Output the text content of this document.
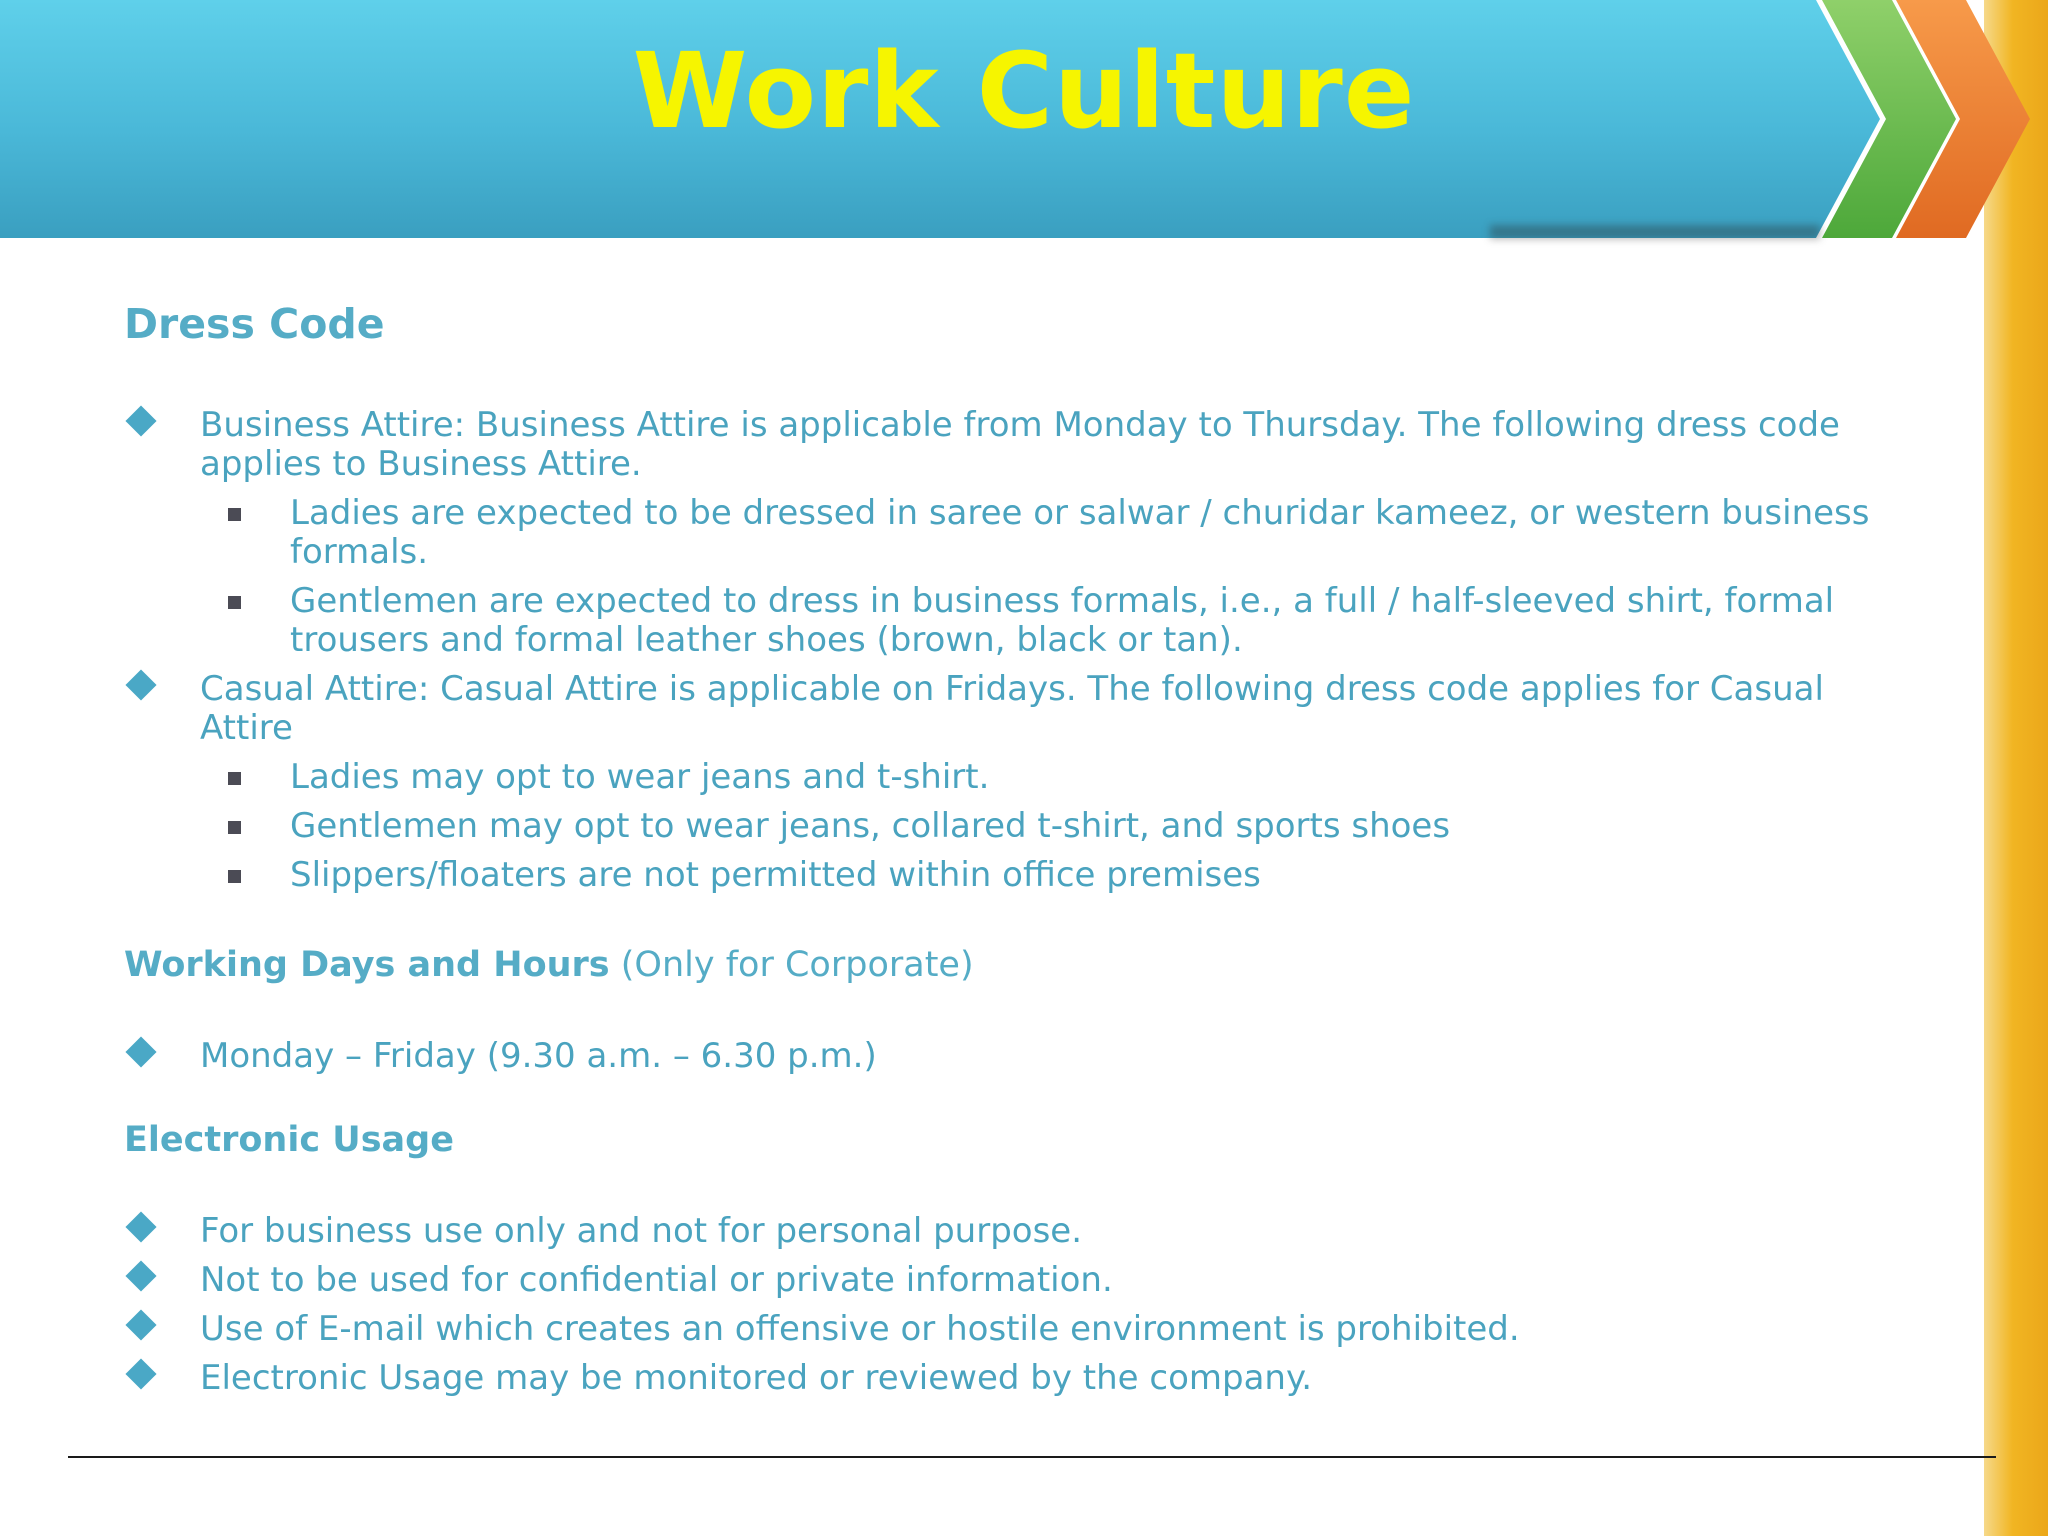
Work Culture
Dress Code
Business Attire: Business Attire is applicable from Monday to Thursday. The following dress code applies to Business Attire.
Ladies are expected to be dressed in saree or salwar / churidar kameez, or western business formals.
Gentlemen are expected to dress in business formals, i.e., a full / half-sleeved shirt, formal trousers and formal leather shoes (brown, black or tan).
Casual Attire: Casual Attire is applicable on Fridays. The following dress code applies for Casual Attire
Ladies may opt to wear jeans and t-shirt.
Gentlemen may opt to wear jeans, collared t-shirt, and sports shoes
Slippers/floaters are not permitted within office premises

Working Days and Hours (Only for Corporate)

Monday – Friday (9.30 a.m. – 6.30 p.m.)

Electronic Usage

For business use only and not for personal purpose.
Not to be used for confidential or private information.
Use of E-mail which creates an offensive or hostile environment is prohibited.
Electronic Usage may be monitored or reviewed by the company.
